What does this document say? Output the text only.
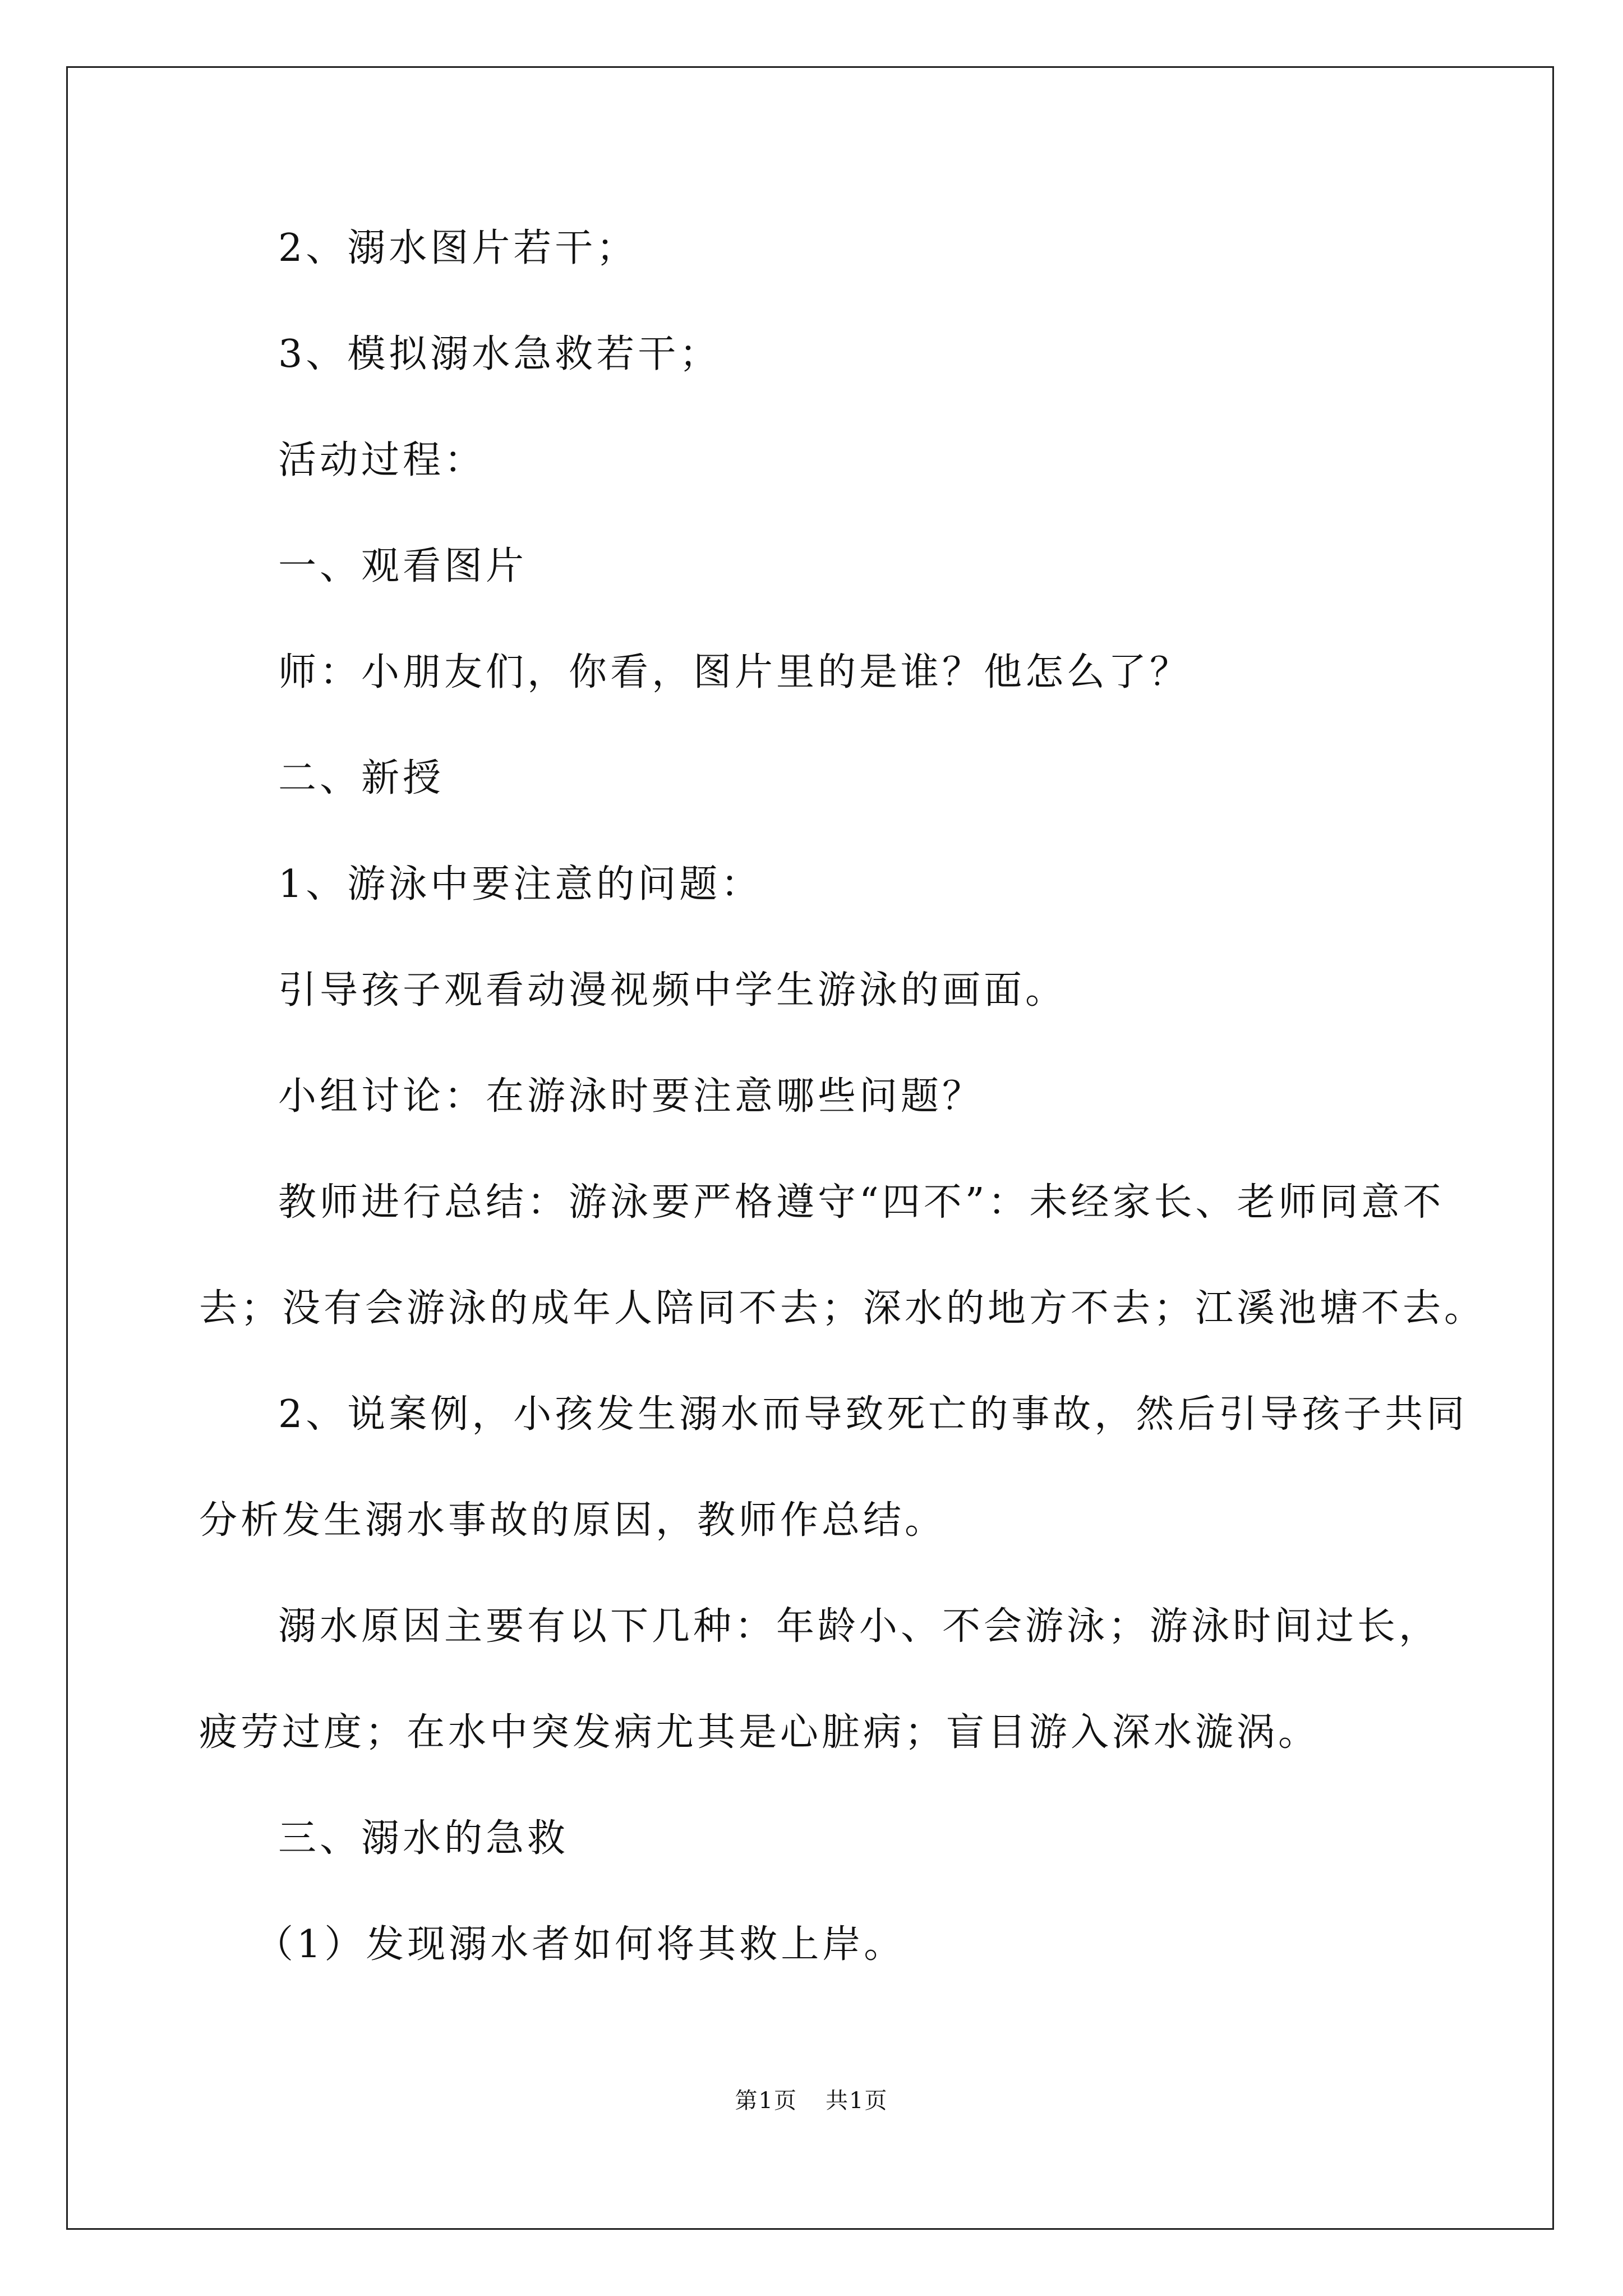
2、溺水图片若干；

3、模拟溺水急救若干；

活动过程：

一、观看图片

师：小朋友们，你看，图片里的是谁？他怎么了？

二、新授

1、游泳中要注意的问题：

引导孩子观看动漫视频中学生游泳的画面。

小组讨论：在游泳时要注意哪些问题？

教师进行总结：游泳要严格遵守“四不”：未经家长、老师同意不

去；没有会游泳的成年人陪同不去；深水的地方不去；江溪池塘不去。

2、说案例，小孩发生溺水而导致死亡的事故，然后引导孩子共同

分析发生溺水事故的原因，教师作总结。

溺水原因主要有以下几种：年龄小、不会游泳；游泳时间过长，

疲劳过度；在水中突发病尤其是心脏病；盲目游入深水漩涡。

三、溺水的急救

（1）发现溺水者如何将其救上岸。

第1页 共1页
